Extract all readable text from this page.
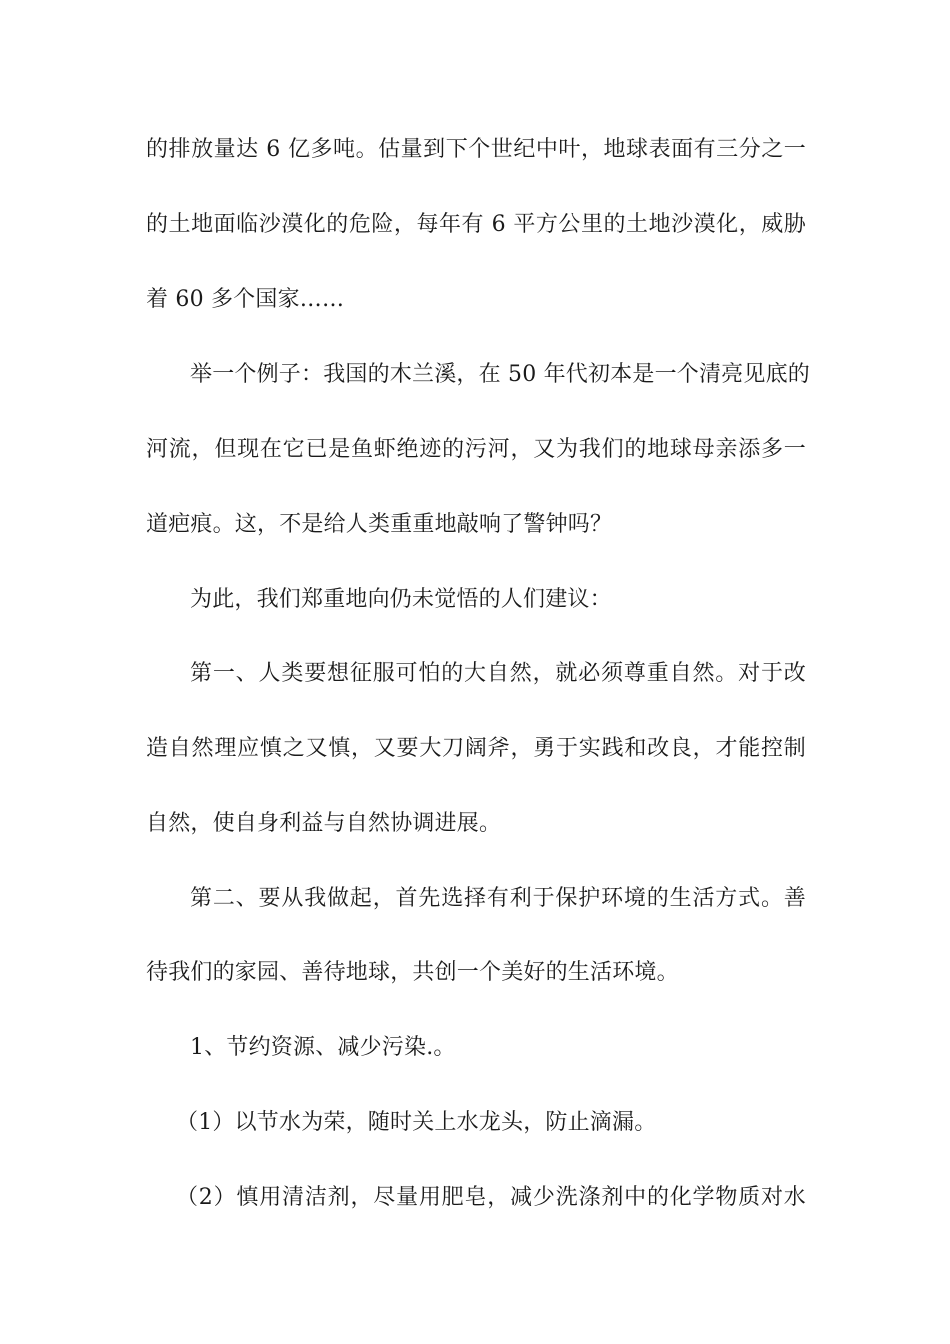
的排放量达 6 亿多吨。估量到下个世纪中叶，地球表面有三分之一
的土地面临沙漠化的危险，每年有 6 平方公里的土地沙漠化，威胁
着 60 多个国家……
举一个例子：我国的木兰溪，在 50 年代初本是一个清亮见底的
河流，但现在它已是鱼虾绝迹的污河，又为我们的地球母亲添多一
道疤痕。这，不是给人类重重地敲响了警钟吗？
为此，我们郑重地向仍未觉悟的人们建议：
第一、人类要想征服可怕的大自然，就必须尊重自然。对于改
造自然理应慎之又慎，又要大刀阔斧，勇于实践和改良，才能控制
自然，使自身利益与自然协调进展。
第二、要从我做起，首先选择有利于保护环境的生活方式。善
待我们的家园、善待地球，共创一个美好的生活环境。
1、节约资源、减少污染.。
（1）以节水为荣，随时关上水龙头，防止滴漏。
（2）慎用清洁剂，尽量用肥皂，减少洗涤剂中的化学物质对水
